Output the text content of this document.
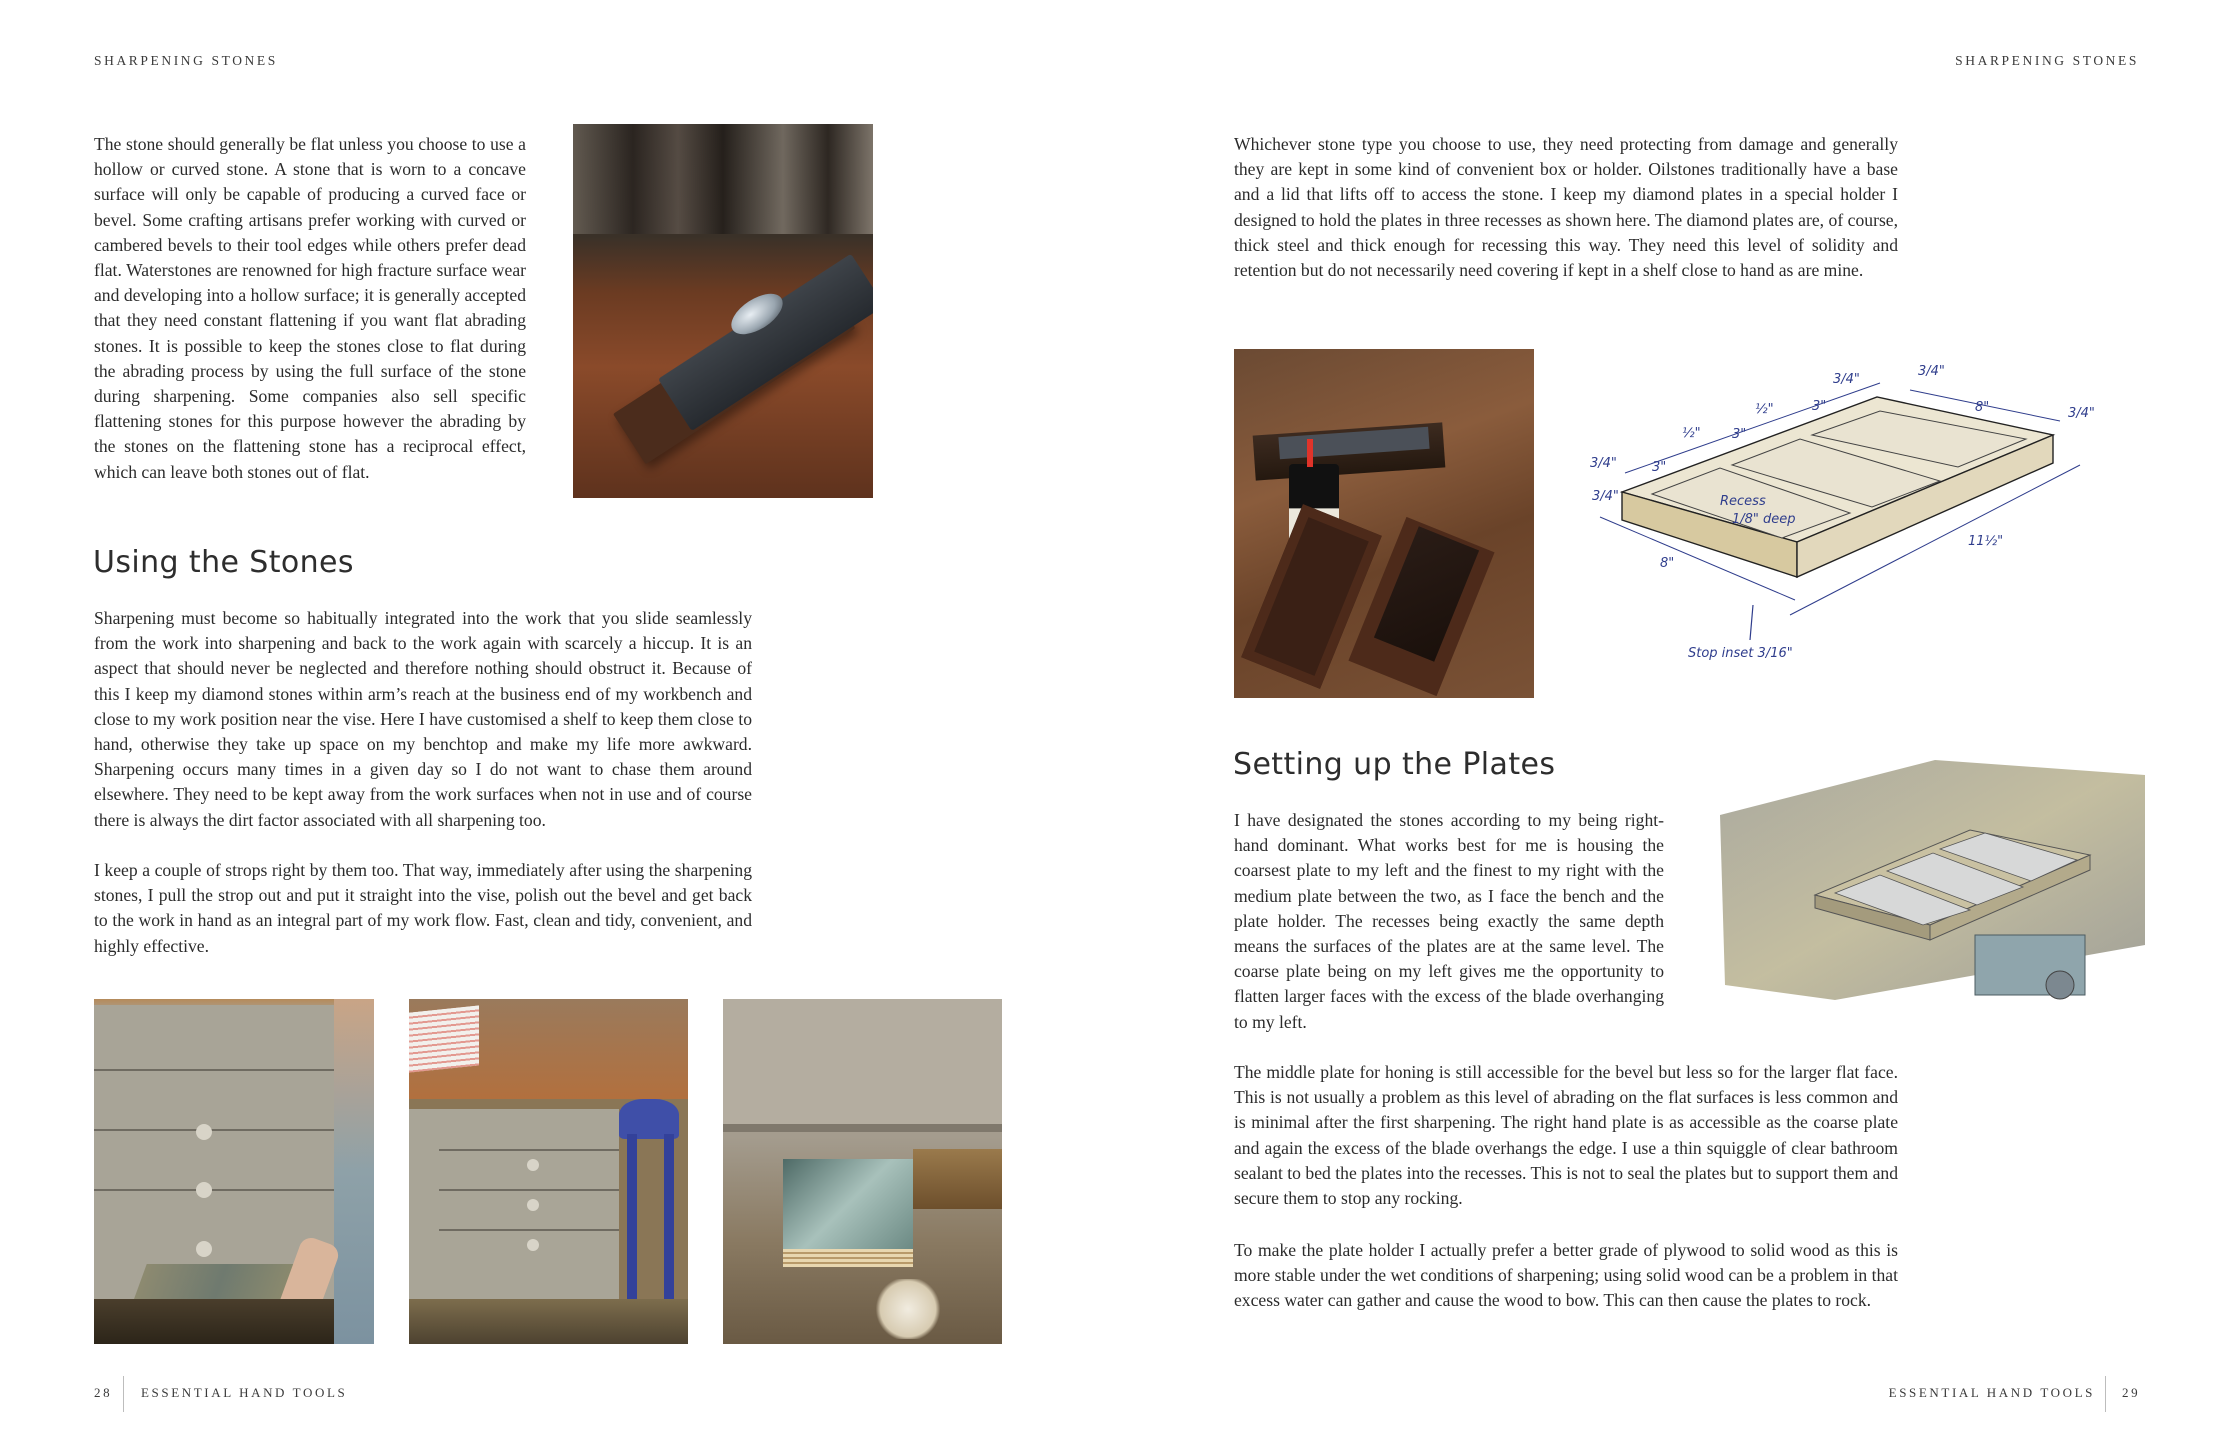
SHARPENING STONES

The stone should generally be flat unless you choose to use a hollow or curved stone. A stone that is worn to a concave surface will only be capable of producing a curved face or bevel. Some crafting artisans prefer working with curved or cambered bevels to their tool edges while others prefer dead flat. Waterstones are renowned for high fracture surface wear and developing into a hollow surface; it is generally accepted that they need constant flattening if you want flat abrading stones. It is possible to keep the stones close to flat during the abrading process by using the full surface of the stone during sharpening. Some companies also sell specific flattening stones for this purpose however the abrading by the stones on the flattening stone has a reciprocal effect, which can leave both stones out of flat.

Using the Stones

Sharpening must become so habitually integrated into the work that you slide seamlessly from the work into sharpening and back to the work again with scarcely a hiccup. It is an aspect that should never be neglected and therefore nothing should obstruct it. Because of this I keep my diamond stones within arm’s reach at the business end of my workbench and close to my work position near the vise. Here I have customised a shelf to keep them close to hand, otherwise they take up space on my benchtop and make my life more awkward. Sharpening occurs many times in a given day so I do not want to chase them around elsewhere. They need to be kept away from the work surfaces when not in use and of course there is always the dirt factor associated with all sharpening too.

I keep a couple of strops right by them too. That way, immediately after using the sharpening stones, I pull the strop out and put it straight into the vise, polish out the bevel and get back to the work in hand as an integral part of my work flow. Fast, clean and tidy, convenient, and highly effective.

28 ESSENTIAL HAND TOOLS
SHARPENING STONES

Whichever stone type you choose to use, they need protecting from damage and generally they are kept in some kind of convenient box or holder. Oilstones traditionally have a base and a lid that lifts off to access the stone. I keep my diamond plates in a special holder I designed to hold the plates in three recesses as shown here. The diamond plates are, of course, thick steel and thick enough for recessing this way. They need this level of solidity and retention but do not necessarily need covering if kept in a shelf close to hand as are mine.

3/4"	3"
½" 3"
½"	3"
3/4"
3/4"
8"	3/4"
3/4"
8"
11½"
Recess
1/8" deep
Stop inset 3/16"
Setting up the Plates

I have designated the stones according to my being right-hand dominant. What works best for me is housing the coarsest plate to my left and the finest to my right with the medium plate between the two, as I face the bench and the plate holder. The recesses being exactly the same depth means the surfaces of the plates are at the same level. The coarse plate being on my left gives me the opportunity to flatten larger faces with the excess of the blade overhanging to my left.

The middle plate for honing is still accessible for the bevel but less so for the larger flat face. This is not usually a problem as this level of abrading on the flat surfaces is less common and is minimal after the first sharpening. The right hand plate is as accessible as the coarse plate and again the excess of the blade overhangs the edge. I use a thin squiggle of clear bathroom sealant to bed the plates into the recesses. This is not to seal the plates but to support them and secure them to stop any rocking.

To make the plate holder I actually prefer a better grade of plywood to solid wood as this is more stable under the wet conditions of sharpening; using solid wood can be a problem in that excess water can gather and cause the wood to bow. This can then cause the plates to rock.

ESSENTIAL HAND TOOLS 29
